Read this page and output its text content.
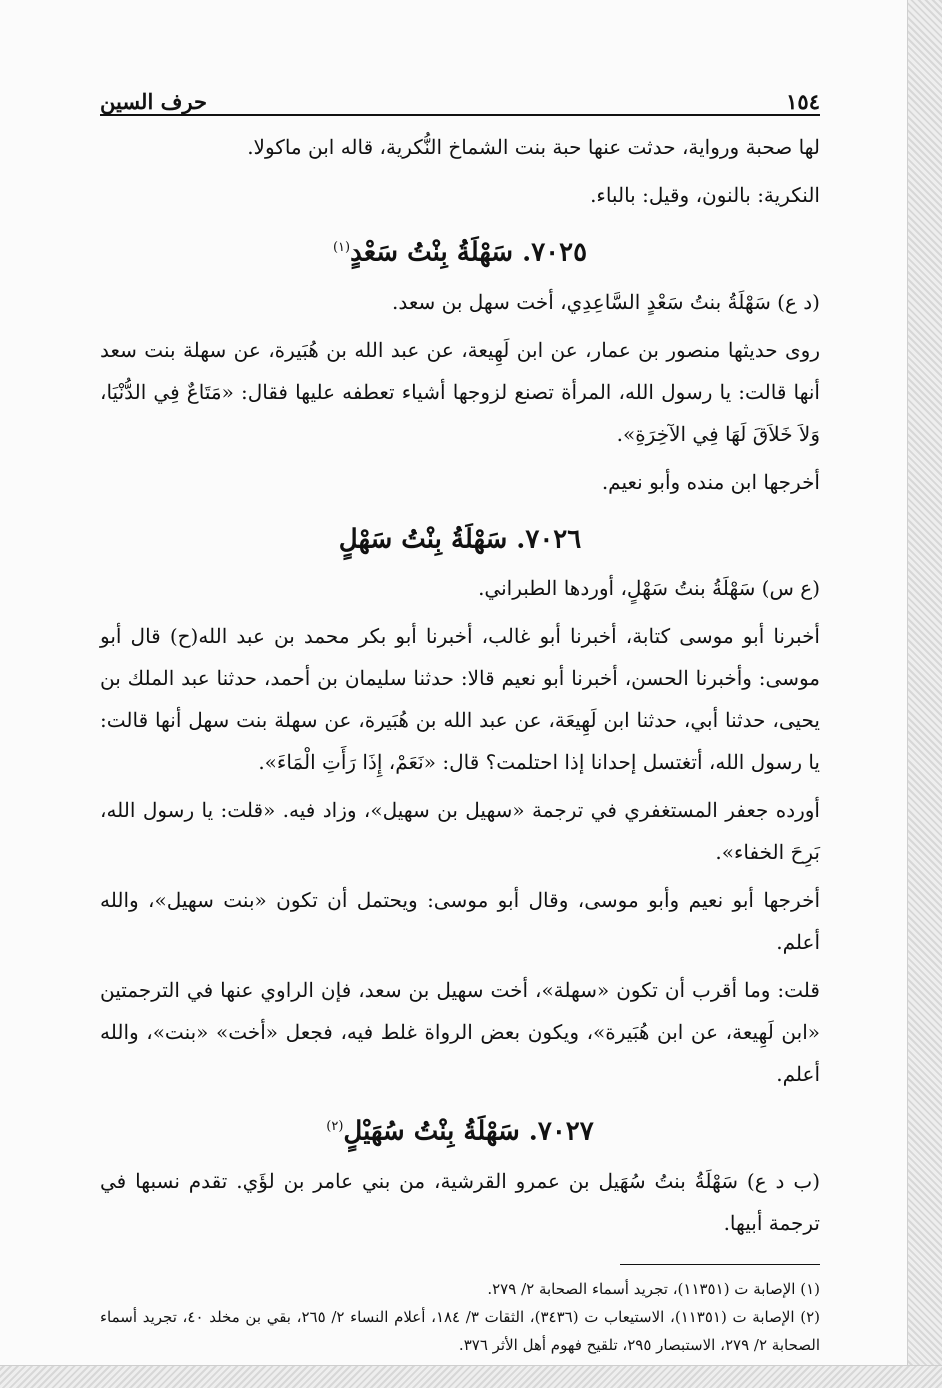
١٥٤
حرف السين

لها صحبة ورواية، حدثت عنها حبة بنت الشماخ النُّكرية، قاله ابن ماكولا.

النكرية: بالنون، وقيل: بالباء.

٧٠٢٥. سَهْلَةُ بِنْتُ سَعْدٍ$^{(١)}$

(د ع) سَهْلَةُ بنتُ سَعْدٍ السَّاعِدِي، أخت سهل بن سعد.

روى حديثها منصور بن عمار، عن ابن لَهِيعة، عن عبد الله بن هُبَيرة، عن سهلة بنت سعد أنها قالت: يا رسول الله، المرأة تصنع لزوجها أشياء تعطفه عليها فقال: «مَتَاعٌ فِي الدُّنْيَا، وَلاَ خَلاَقَ لَهَا فِي الآخِرَةِ».

أخرجها ابن منده وأبو نعيم.

٧٠٢٦. سَهْلَةُ بِنْتُ سَهْلٍ

(ع س) سَهْلَةُ بنتُ سَهْلٍ، أوردها الطبراني.

أخبرنا أبو موسى كتابة، أخبرنا أبو غالب، أخبرنا أبو بكر محمد بن عبد الله(ح) قال أبو موسى: وأخبرنا الحسن، أخبرنا أبو نعيم قالا: حدثنا سليمان بن أحمد، حدثنا عبد الملك بن يحيى، حدثنا أبي، حدثنا ابن لَهِيعَة، عن عبد الله بن هُبَيرة، عن سهلة بنت سهل أنها قالت: يا رسول الله، أتغتسل إحدانا إذا احتلمت؟ قال: «نَعَمْ، إِذَا رَأَتِ الْمَاءَ».

أورده جعفر المستغفري في ترجمة «سهيل بن سهيل»، وزاد فيه. «قلت: يا رسول الله، بَرِحَ الخفاء».

أخرجها أبو نعيم وأبو موسى، وقال أبو موسى: ويحتمل أن تكون «بنت سهيل»، والله أعلم.

قلت: وما أقرب أن تكون «سهلة»، أخت سهيل بن سعد، فإن الراوي عنها في الترجمتين «ابن لَهِيعة، عن ابن هُبَيرة»، ويكون بعض الرواة غلط فيه، فجعل «أخت» «بنت»، والله أعلم.

٧٠٢٧. سَهْلَةُ بِنْتُ سُهَيْلٍ$^{(٢)}$

(ب د ع) سَهْلَةُ بنتُ سُهَيل بن عمرو القرشية، من بني عامر بن لؤَي. تقدم نسبها في ترجمة أبيها.

(١) الإصابة ت (١١٣٥١)، تجريد أسماء الصحابة ٢/ ٢٧٩.

(٢) الإصابة ت (١١٣٥١)، الاستيعاب ت (٣٤٣٦)، الثقات ٣/ ١٨٤، أعلام النساء ٢/ ٢٦٥، بقي بن مخلد ٤٠، تجريد أسماء الصحابة ٢/ ٢٧٩، الاستبصار ٢٩٥، تلقيح فهوم أهل الأثر ٣٧٦.
